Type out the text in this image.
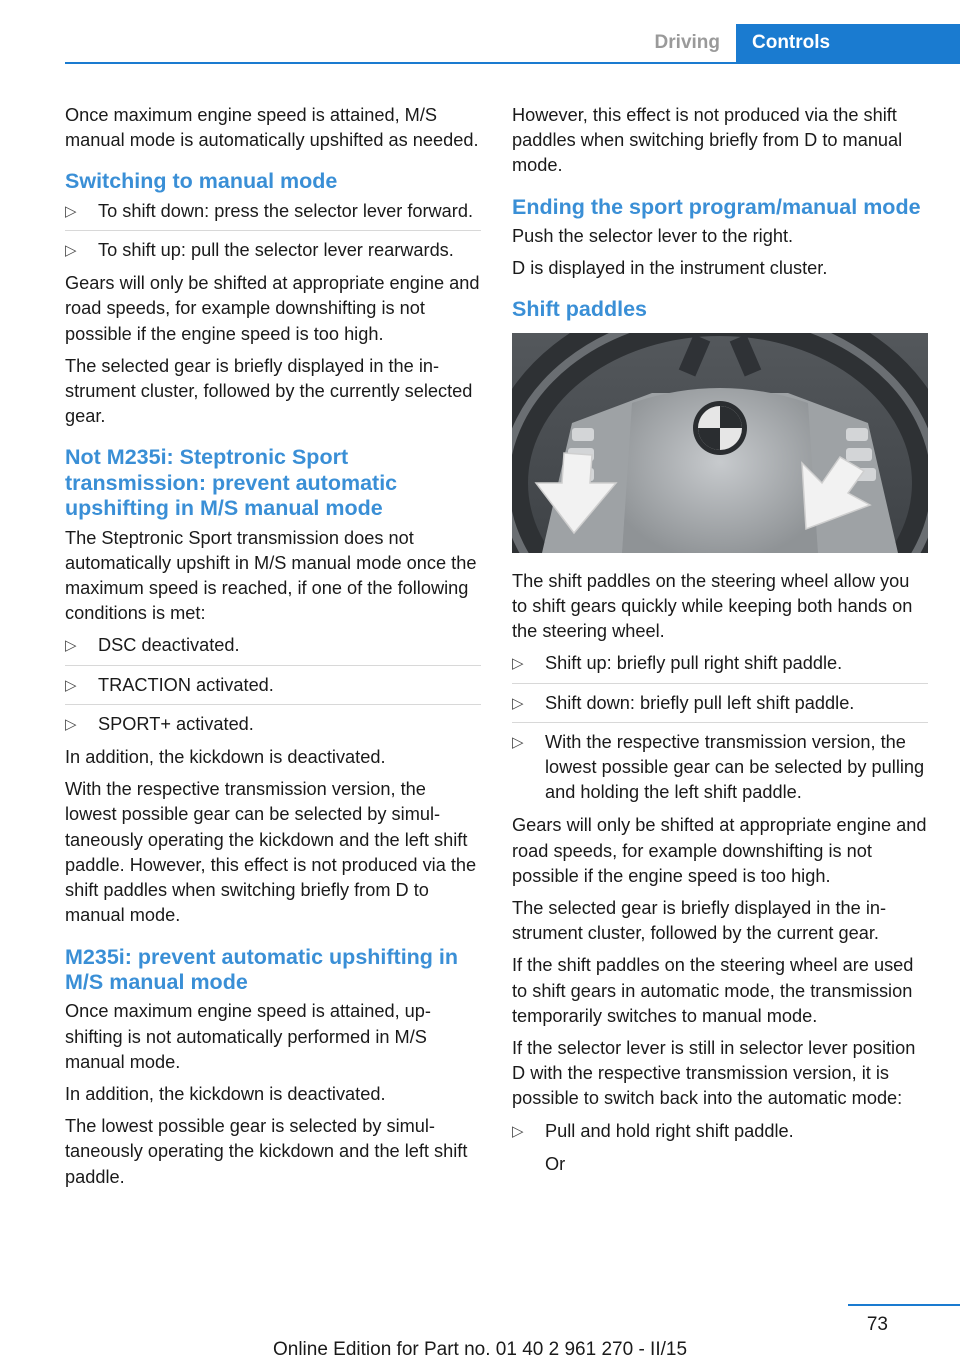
Driving	Controls

Once maximum engine speed is attained, M/S manual mode is automatically upshifted as needed.

Switching to manual mode
▷ To shift down: press the selector lever forward.
▷ To shift up: pull the selector lever rearwards.

Gears will only be shifted at appropriate engine and road speeds, for example downshifting is not possible if the engine speed is too high.

The selected gear is briefly displayed in the instrument cluster, followed by the currently selected gear.

Not M235i: Steptronic Sport transmission: prevent automatic upshifting in M/S manual mode

The Steptronic Sport transmission does not automatically upshift in M/S manual mode once the maximum speed is reached, if one of the following conditions is met:

▷ DSC deactivated.
▷ TRACTION activated.
▷ SPORT+ activated.

In addition, the kickdown is deactivated.

With the respective transmission version, the lowest possible gear can be selected by simultaneously operating the kickdown and the left shift paddle. However, this effect is not produced via the shift paddles when switching briefly from D to manual mode.

M235i: prevent automatic upshifting in M/S manual mode

Once maximum engine speed is attained, upshifting is not automatically performed in M/S manual mode.

In addition, the kickdown is deactivated.

The lowest possible gear is selected by simultaneously operating the kickdown and the left shift paddle.

However, this effect is not produced via the shift paddles when switching briefly from D to manual mode.

Ending the sport program/manual mode

Push the selector lever to the right.

D is displayed in the instrument cluster.

Shift paddles

The shift paddles on the steering wheel allow you to shift gears quickly while keeping both hands on the steering wheel.

▷ Shift up: briefly pull right shift paddle.
▷ Shift down: briefly pull left shift paddle.
▷ With the respective transmission version, the lowest possible gear can be selected by pulling and holding the left shift paddle.

Gears will only be shifted at appropriate engine and road speeds, for example downshifting is not possible if the engine speed is too high.

The selected gear is briefly displayed in the instrument cluster, followed by the current gear.

If the shift paddles on the steering wheel are used to shift gears in automatic mode, the transmission temporarily switches to manual mode.

If the selector lever is still in selector lever position D with the respective transmission version, it is possible to switch back into the automatic mode:

▷ Pull and hold right shift paddle.
Or
73
Online Edition for Part no. 01 40 2 961 270 - II/15
